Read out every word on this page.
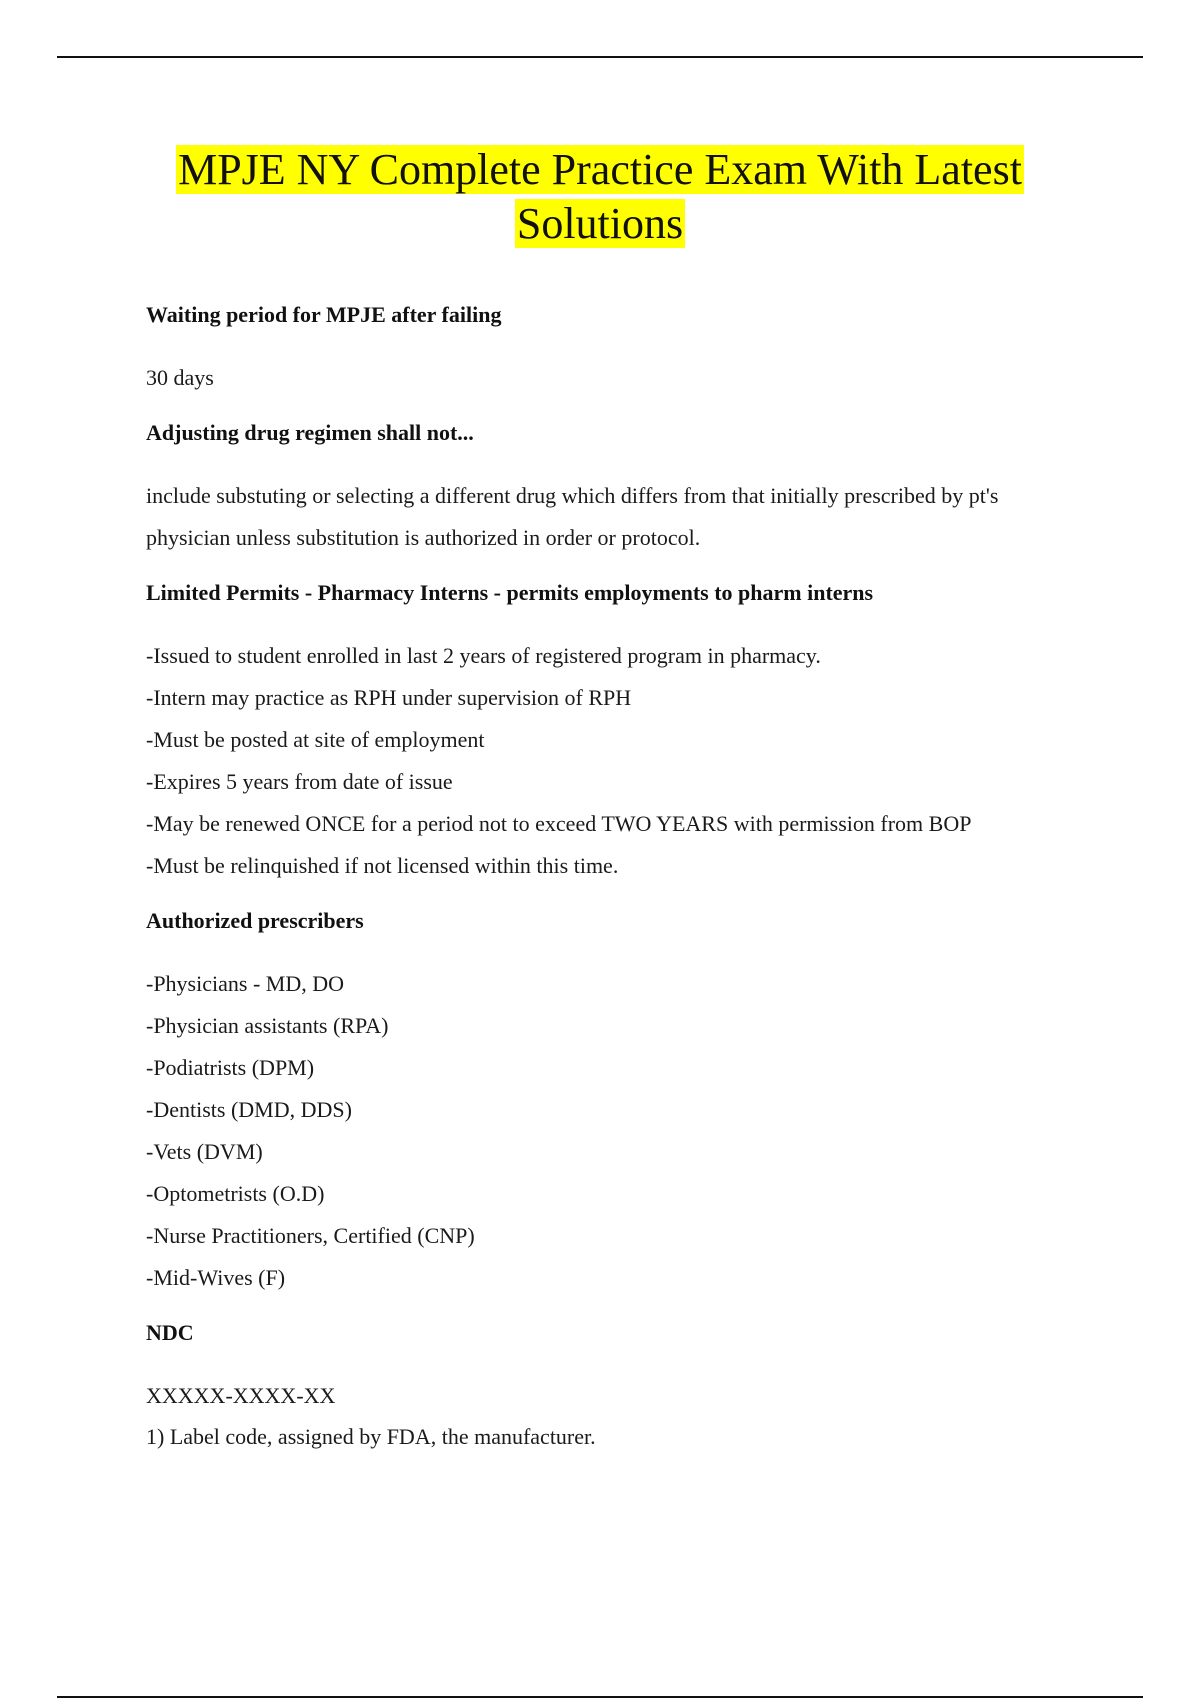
MPJE NY Complete Practice Exam With Latest Solutions

Waiting period for MPJE after failing

30 days

Adjusting drug regimen shall not...

include substuting or selecting a different drug which differs from that initially prescribed by pt's
physician unless substitution is authorized in order or protocol.

Limited Permits - Pharmacy Interns - permits employments to pharm interns

-Issued to student enrolled in last 2 years of registered program in pharmacy.
-Intern may practice as RPH under supervision of RPH
-Must be posted at site of employment
-Expires 5 years from date of issue
-May be renewed ONCE for a period not to exceed TWO YEARS with permission from BOP
-Must be relinquished if not licensed within this time.

Authorized prescribers

-Physicians - MD, DO
-Physician assistants (RPA)
-Podiatrists (DPM)
-Dentists (DMD, DDS)
-Vets (DVM)
-Optometrists (O.D)
-Nurse Practitioners, Certified (CNP)
-Mid-Wives (F)

NDC

XXXXX-XXXX-XX
1) Label code, assigned by FDA, the manufacturer.
